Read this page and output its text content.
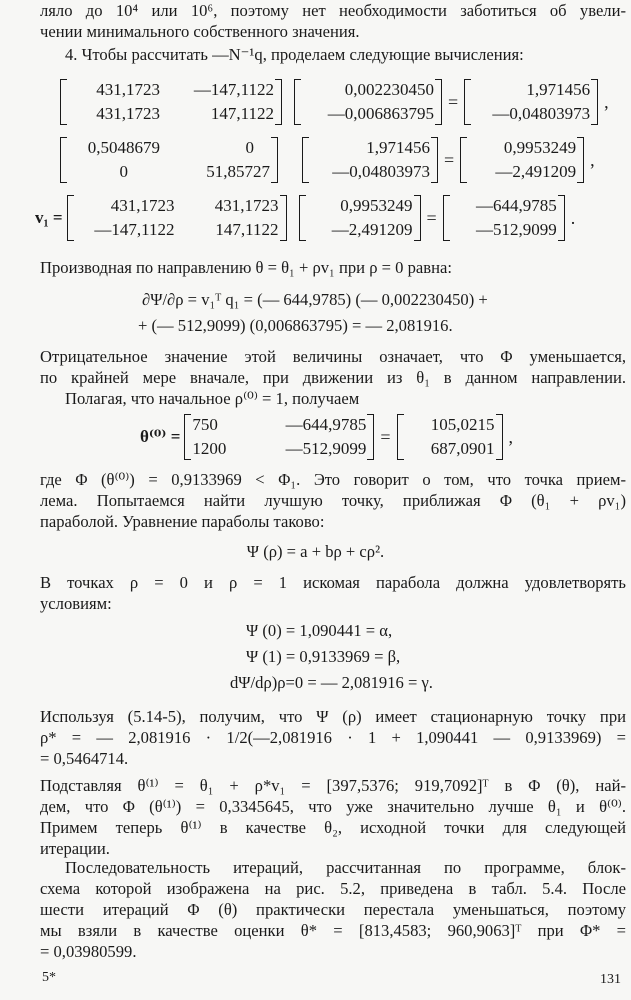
ляло до 10⁴ или 10⁶, поэтому нет необходимости заботиться об увели-
чении минимального собственного значения.
4. Чтобы рассчитать —N⁻¹q, проделаем следующие вычисления:
431,1723	—147,1122
431,1723	147,1122
0,002230450
—0,006863795
=
1,971456
—0,04803973
,
0,5048679	0
0	51,85727
1,971456
—0,04803973
=
0,9953249
—2,491209
,
v₁ =
431,1723	431,1723
—147,1122	147,1122
0,9953249
—2,491209
=
—644,9785
—512,9099
.
Производная по направлению θ = θ₁ + ρv₁ при ρ = 0 равна:
∂Ψ/∂ρ = v₁ᵀ q₁ = (— 644,9785) (— 0,002230450) +
+ (— 512,9099) (0,006863795) = — 2,081916.
Отрицательное значение этой величины означает, что Φ уменьшается,
по крайней мере вначале, при движении из θ₁ в данном направлении.
Полагая, что начальное ρ⁽⁰⁾ = 1, получаем
θ⁽⁰⁾ =
750	—644,9785
1200	—512,9099
=
105,0215
687,0901
,
где Φ (θ⁽⁰⁾) = 0,9133969 < Φ₁. Это говорит о том, что точка прием-
лема. Попытаемся найти лучшую точку, приближая Φ (θ₁ + ρv₁)
параболой. Уравнение параболы таково:
Ψ (ρ) = a + bρ + cρ².
В точках ρ = 0 и ρ = 1 искомая парабола должна удовлетворять
условиям:
Ψ (0) = 1,090441 = α,
Ψ (1) = 0,9133969 = β,
dΨ/dρ)ρ=0 = — 2,081916 = γ.
Используя (5.14-5), получим, что Ψ (ρ) имеет стационарную точку при
ρ* = — 2,081916 · 1/2(—2,081916 · 1 + 1,090441 — 0,9133969) =
= 0,5464714.
Подставляя θ⁽¹⁾ = θ₁ + ρ*v₁ = [397,5376; 919,7092]ᵀ в Φ (θ), най-
дем, что Φ (θ⁽¹⁾) = 0,3345645, что уже значительно лучше θ₁ и θ⁽⁰⁾.
Примем теперь θ⁽¹⁾ в качестве θ₂, исходной точки для следующей
итерации.
Последовательность итераций, рассчитанная по программе, блок-
схема которой изображена на рис. 5.2, приведена в табл. 5.4. После
шести итераций Φ (θ) практически перестала уменьшаться, поэтому
мы взяли в качестве оценки θ* = [813,4583; 960,9063]ᵀ при Φ* =
= 0,03980599.
5*	131
